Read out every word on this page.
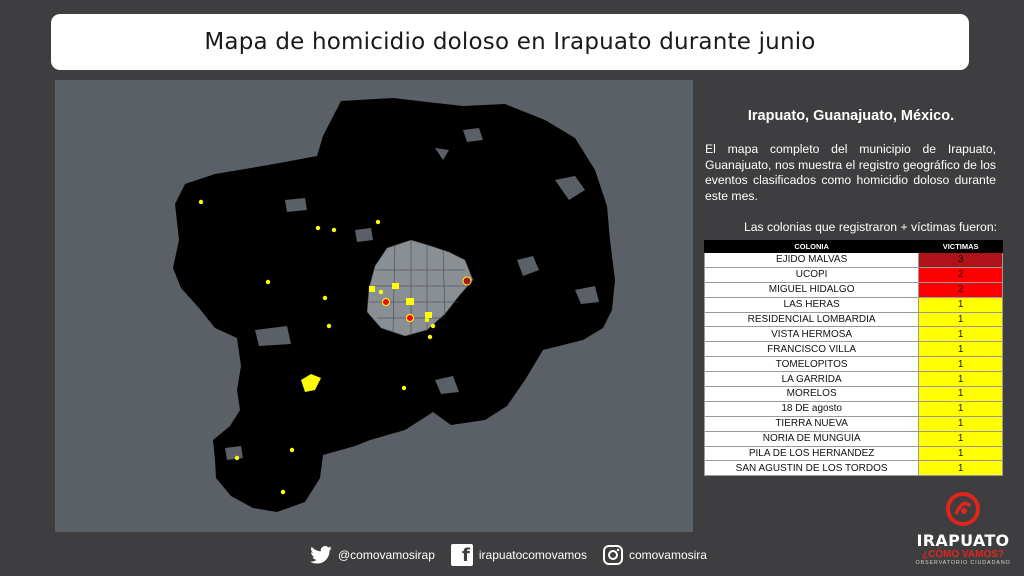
Mapa de homicidio doloso en Irapuato durante junio

Irapuato, Guanajuato, México.

El mapa completo del municipio de Irapuato, Guanajuato, nos muestra el registro geográfico de los eventos clasificados como homicidio doloso durante este mes.

Las colonias que registraron + víctimas fueron:

COLONIA	VICTIMAS
EJIDO MALVAS	3
UCOPI	2
MIGUEL HIDALGO	2
LAS HERAS	1
RESIDENCIAL LOMBARDIA	1
VISTA HERMOSA	1
FRANCISCO VILLA	1
TOMELOPITOS	1
LA GARRIDA	1
MORELOS	1
18 DE agosto	1
TIERRA NUEVA	1
NORIA DE MUNGUIA	1
PILA DE LOS HERNANDEZ	1
SAN AGUSTIN DE LOS TORDOS	1
@comovamosirap	f irapuatocomovamos	comovamosira
IRAPUATO
¿CÓMO VAMOS?
OBSERVATORIO CIUDADANO
